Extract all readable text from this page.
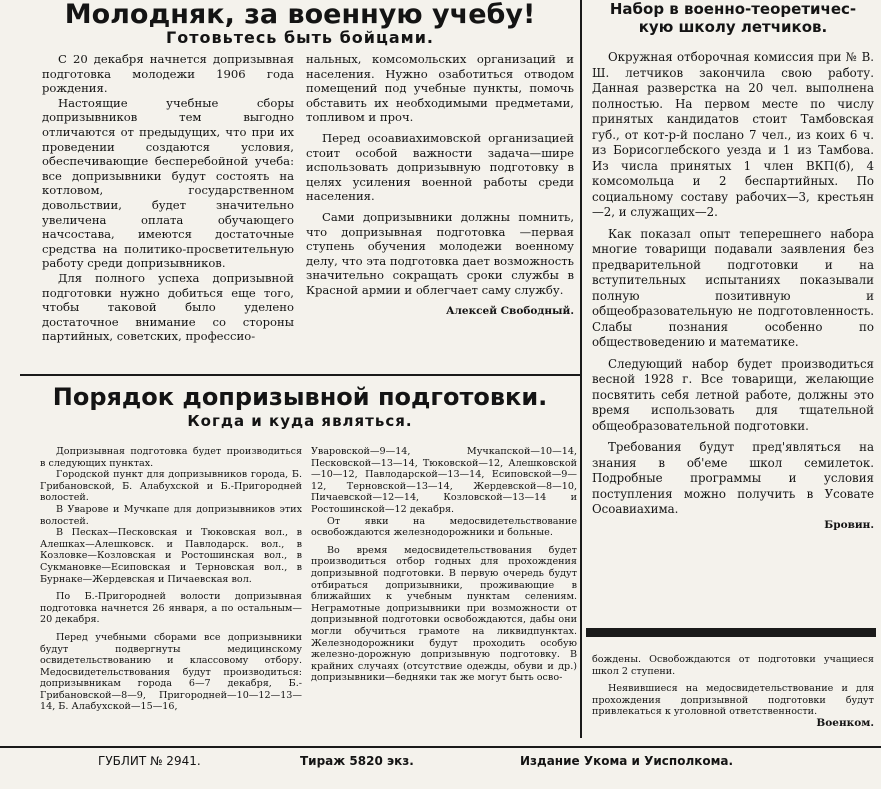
Молодняк, за военную учебу!
Готовьтесь быть бойцами.

С 20 декабря начнется допризывная подготовка молодежи 1906 года рождения.

Настоящие учебные сборы допризывников тем выгодно отличаются от предыдущих, что при их проведении создаются условия, обеспечивающие бесперебойной учеба: все допризывники будут состоять на котловом, государственном довольствии, будет значительно увеличена оплата обучающего начсостава, имеются достаточные средства на политико-просветительную работу среди допризывников.

Для полного успеха допризывной подготовки нужно добиться еще того, чтобы таковой было уделено достаточное внимание со стороны партийных, советских, профессио-

нальных, комсомольских организаций и населения. Нужно озаботиться отводом помещений под учебные пункты, помочь обставить их необходимыми предметами, топливом и проч.

Перед осоавиахимовской организацией стоит особой важности задача—шире использовать допризывную подготовку в целях усиления военной работы среди населения.

Сами допризывники должны помнить, что допризывная подготовка —первая ступень обучения молодежи военному делу, что эта подготовка дает возможность значительно сокращать сроки службы в Красной армии и облегчает саму службу.

Алексей Свободный.

Порядок допризывной подготовки.
Когда и куда являться.

Допризывная подготовка будет производиться в следующих пунктах.

Городской пункт для допризывников города, Б. Грибановской, Б. Алабухской и Б.-Пригородней волостей.

В Уварове и Мучкапе для допризывников этих волостей.

В Песках—Песковская и Тюковская вол., в Алешках—Алешковск. и Павлодарск. вол., в Козловке—Козловская и Ростошинская вол., в Сукмановке—Есиповская и Терновская вол., в Бурнаке—Жердевская и Пичаевская вол.

По Б.-Пригородней волости допризывная подготовка начнется 26 января, а по остальным—20 декабря.

Перед учебными сборами все допризывники будут подвергнуты медицинскому освидетельствованию и классовому отбору. Медосвидетельствования будут производиться: допризывникам города 6—7 декабря, Б.-Грибановской—8—9, Пригородней—10—12—13—14, Б. Алабухской—15—16,

Уваровской—9—14, Мучкапской—10—14, Песковской—13—14, Тюковской—12, Алешковской—10—12, Павлодарской—13—14, Есиповской—9—12, Терновской—13—14, Жердевской—8—10, Пичаевской—12—14, Козловской—13—14 и Ростошинской—12 декабря.

От явки на медосвидетельствование освобождаются железнодорожники и больные.

Во время медосвидетельствования будет производиться отбор годных для прохождения допризывной подготовки. В первую очередь будут отбираться допризывники, проживающие в ближайших к учебным пунктам селениям. Неграмотные допризывники при возможности от допризывной подготовки освобождаются, дабы они могли обучиться грамоте на ликвидпунктах. Железнодорожники будут проходить особую железно-дорожную допризывную подготовку. В крайних случаях (отсутствие одежды, обуви и др.) допризывники—бедняки так же могут быть осво-

бождены. Освобождаются от подготовки учащиеся школ 2 ступени.

Неявившиеся на медосвидетельствование и для прохождения допризывной подготовки будут привлекаться к уголовной ответственности.

Военком.

Набор в военно-теоретичес-
кую школу летчиков.

Окружная отборочная комиссия при № В. Ш. летчиков закончила свою работу. Данная разверстка на 20 чел. выполнена полностью. На первом месте по числу принятых кандидатов стоит Тамбовская губ., от кот-р-й послано 7 чел., из коих 6 ч. из Борисоглебского уезда и 1 из Тамбова. Из числа принятых 1 член ВКП(б), 4 комсомольца и 2 беспартийных. По социальному составу рабочих—3, крестьян—2, и служащих—2.

Как показал опыт теперешнего набора многие товарищи подавали заявления без предварительной подготовки и на вступительных испытаниях показывали полную позитивную и общеобразовательную не подготовленность. Слабы познания особенно по обществоведению и математике.

Следующий набор будет производиться весной 1928 г. Все товарищи, желающие посвятить себя летной работе, должны это время использовать для тщательной общеобразовательной подготовки.

Требования будут пред'являться на знания в об'еме школ семилеток. Подробные программы и условия поступления можно получить в Усовате Осоавиахима.

Бровин.

ГУБЛИТ № 2941.	Тираж 5820 экз.	Издание Укома и Уисполкома.
